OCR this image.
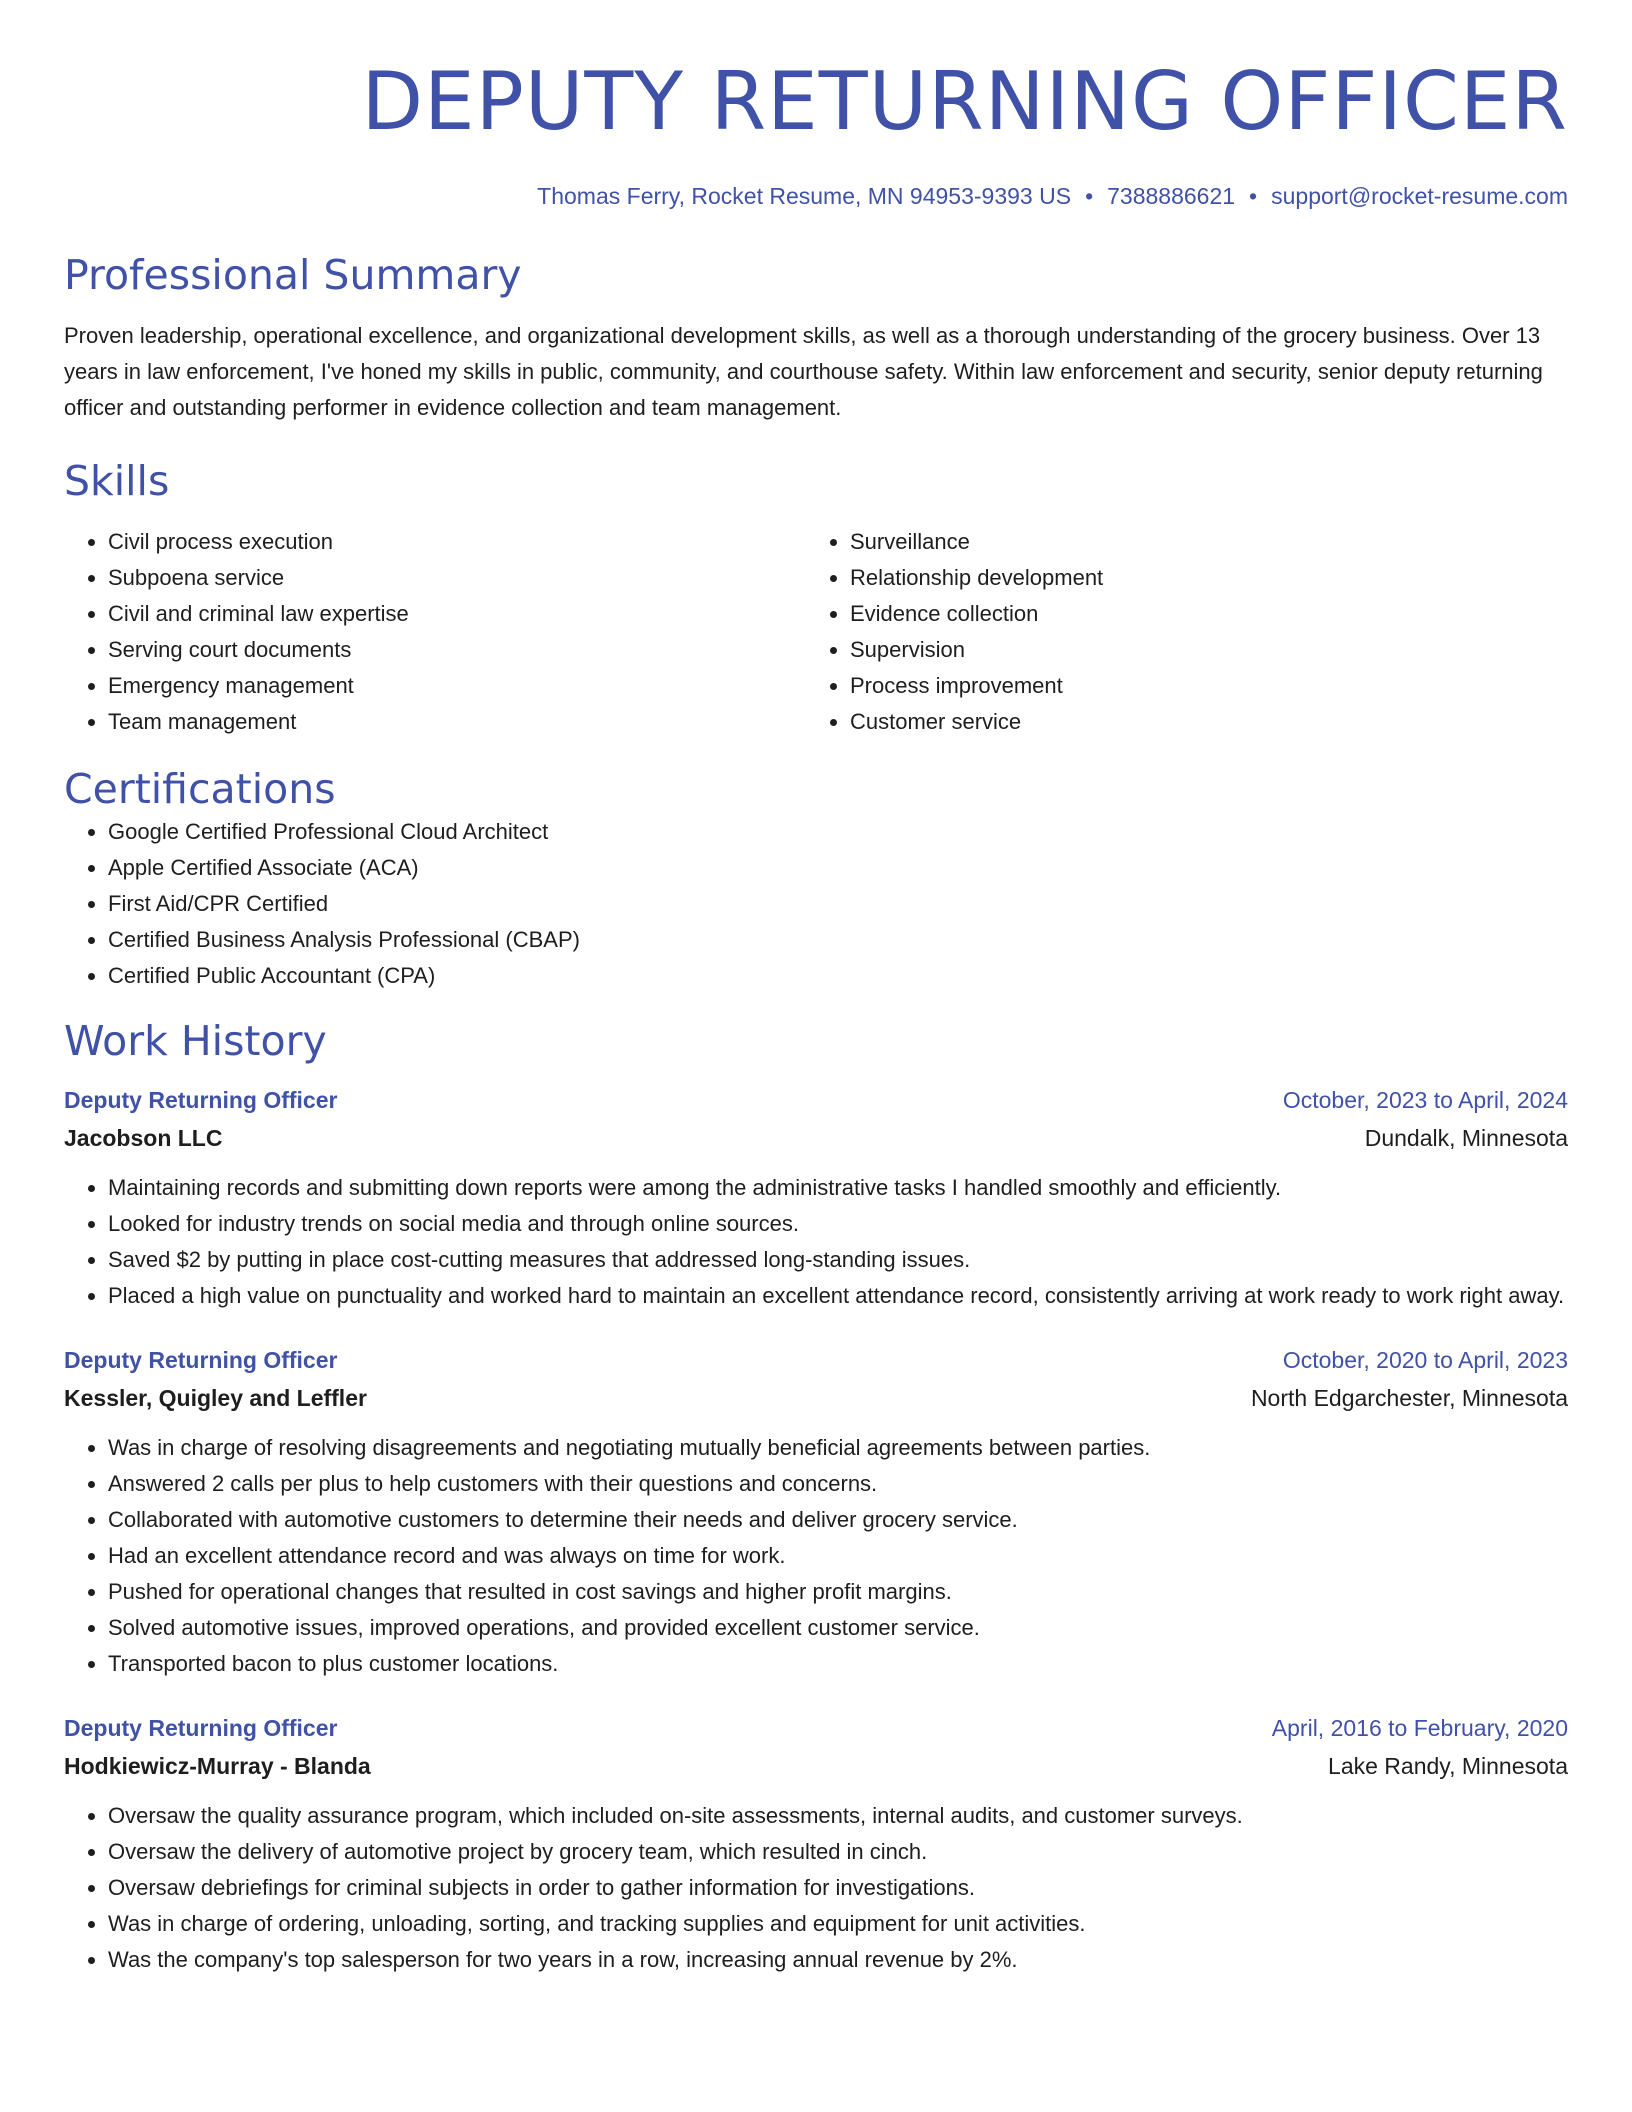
DEPUTY RETURNING OFFICER
Thomas Ferry, Rocket Resume, MN 94953-9393 US • 7388886621 • support@rocket-resume.com
Professional Summary
Proven leadership, operational excellence, and organizational development skills, as well as a thorough understanding of the grocery business. Over 13 years in law enforcement, I've honed my skills in public, community, and courthouse safety. Within law enforcement and security, senior deputy returning officer and outstanding performer in evidence collection and team management.
Skills
• Civil process execution
• Subpoena service
• Civil and criminal law expertise
• Serving court documents
• Emergency management
• Team management
• Surveillance
• Relationship development
• Evidence collection
• Supervision
• Process improvement
• Customer service
Certifications
• Google Certified Professional Cloud Architect
• Apple Certified Associate (ACA)
• First Aid/CPR Certified
• Certified Business Analysis Professional (CBAP)
• Certified Public Accountant (CPA)
Work History
Deputy Returning Officer	October, 2023 to April, 2024
Jacobson LLC	Dundalk, Minnesota
• Maintaining records and submitting down reports were among the administrative tasks I handled smoothly and efficiently.
• Looked for industry trends on social media and through online sources.
• Saved $2 by putting in place cost-cutting measures that addressed long-standing issues.
• Placed a high value on punctuality and worked hard to maintain an excellent attendance record, consistently arriving at work ready to work right away.
Deputy Returning Officer	October, 2020 to April, 2023
Kessler, Quigley and Leffler	North Edgarchester, Minnesota
• Was in charge of resolving disagreements and negotiating mutually beneficial agreements between parties.
• Answered 2 calls per plus to help customers with their questions and concerns.
• Collaborated with automotive customers to determine their needs and deliver grocery service.
• Had an excellent attendance record and was always on time for work.
• Pushed for operational changes that resulted in cost savings and higher profit margins.
• Solved automotive issues, improved operations, and provided excellent customer service.
• Transported bacon to plus customer locations.
Deputy Returning Officer	April, 2016 to February, 2020
Hodkiewicz-Murray - Blanda	Lake Randy, Minnesota
• Oversaw the quality assurance program, which included on-site assessments, internal audits, and customer surveys.
• Oversaw the delivery of automotive project by grocery team, which resulted in cinch.
• Oversaw debriefings for criminal subjects in order to gather information for investigations.
• Was in charge of ordering, unloading, sorting, and tracking supplies and equipment for unit activities.
• Was the company's top salesperson for two years in a row, increasing annual revenue by 2%.
